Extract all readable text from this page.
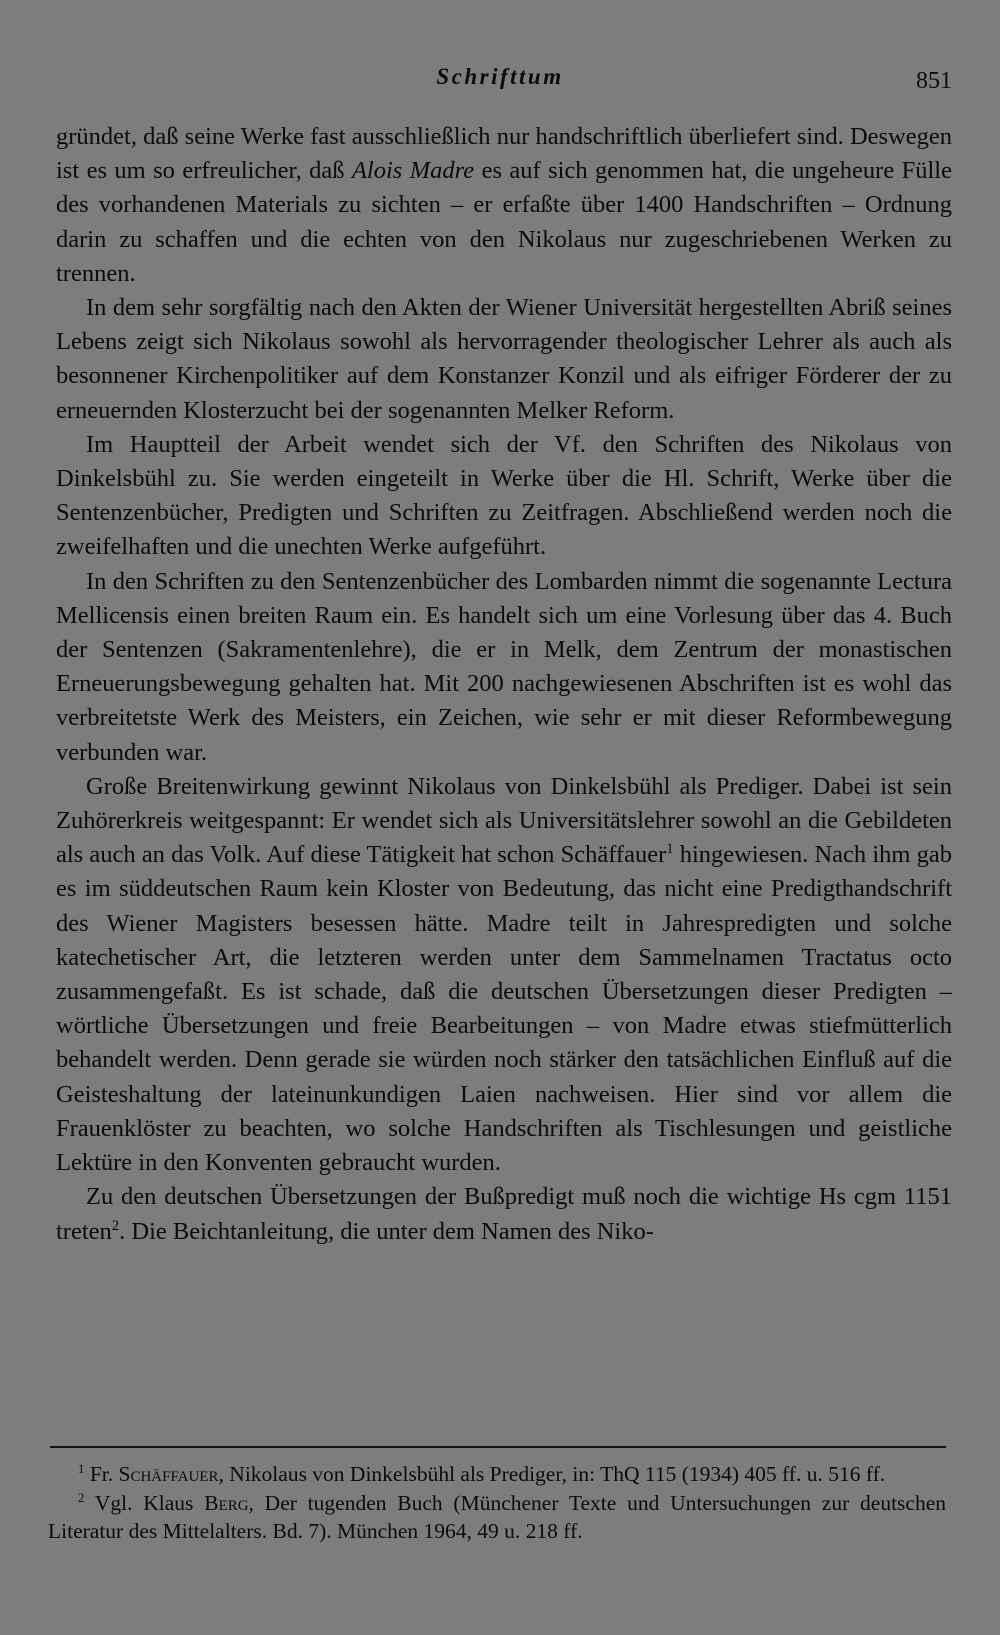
Schrifttum	851

gründet, daß seine Werke fast ausschließlich nur handschriftlich überliefert sind. Deswegen ist es um so erfreulicher, daß Alois Madre es auf sich genommen hat, die ungeheure Fülle des vorhandenen Materials zu sichten – er erfaßte über 1400 Handschriften – Ordnung darin zu schaffen und die echten von den Nikolaus nur zugeschriebenen Werken zu trennen.

In dem sehr sorgfältig nach den Akten der Wiener Universität hergestellten Abriß seines Lebens zeigt sich Nikolaus sowohl als hervorragender theologischer Lehrer als auch als besonnener Kirchenpolitiker auf dem Konstanzer Konzil und als eifriger Förderer der zu erneuernden Klosterzucht bei der sogenannten Melker Reform.

Im Hauptteil der Arbeit wendet sich der Vf. den Schriften des Nikolaus von Dinkelsbühl zu. Sie werden eingeteilt in Werke über die Hl. Schrift, Werke über die Sentenzenbücher, Predigten und Schriften zu Zeitfragen. Abschließend werden noch die zweifelhaften und die unechten Werke aufgeführt.

In den Schriften zu den Sentenzenbücher des Lombarden nimmt die sogenannte Lectura Mellicensis einen breiten Raum ein. Es handelt sich um eine Vorlesung über das 4. Buch der Sentenzen (Sakramentenlehre), die er in Melk, dem Zentrum der monastischen Erneuerungsbewegung gehalten hat. Mit 200 nachgewiesenen Abschriften ist es wohl das verbreitetste Werk des Meisters, ein Zeichen, wie sehr er mit dieser Reformbewegung verbunden war.

Große Breitenwirkung gewinnt Nikolaus von Dinkelsbühl als Prediger. Dabei ist sein Zuhörerkreis weitgespannt: Er wendet sich als Universitätslehrer sowohl an die Gebildeten als auch an das Volk. Auf diese Tätigkeit hat schon Schäffauer$^1$ hingewiesen. Nach ihm gab es im süddeutschen Raum kein Kloster von Bedeutung, das nicht eine Predigthandschrift des Wiener Magisters besessen hätte. Madre teilt in Jahrespredigten und solche katechetischer Art, die letzteren werden unter dem Sammelnamen Tractatus octo zusammengefaßt. Es ist schade, daß die deutschen Übersetzungen dieser Predigten – wörtliche Übersetzungen und freie Bearbeitungen – von Madre etwas stiefmütterlich behandelt werden. Denn gerade sie würden noch stärker den tatsächlichen Einfluß auf die Geisteshaltung der lateinunkundigen Laien nachweisen. Hier sind vor allem die Frauenklöster zu beachten, wo solche Handschriften als Tischlesungen und geistliche Lektüre in den Konventen gebraucht wurden.

Zu den deutschen Übersetzungen der Bußpredigt muß noch die wichtige Hs cgm 1151 treten$^2$. Die Beichtanleitung, die unter dem Namen des Niko-

$^1$ Fr. Schäffauer, Nikolaus von Dinkelsbühl als Prediger, in: ThQ 115 (1934) 405 ff. u. 516 ff.

$^2$ Vgl. Klaus Berg, Der tugenden Buch (Münchener Texte und Untersuchungen zur deutschen Literatur des Mittelalters. Bd. 7). München 1964, 49 u. 218 ff.
